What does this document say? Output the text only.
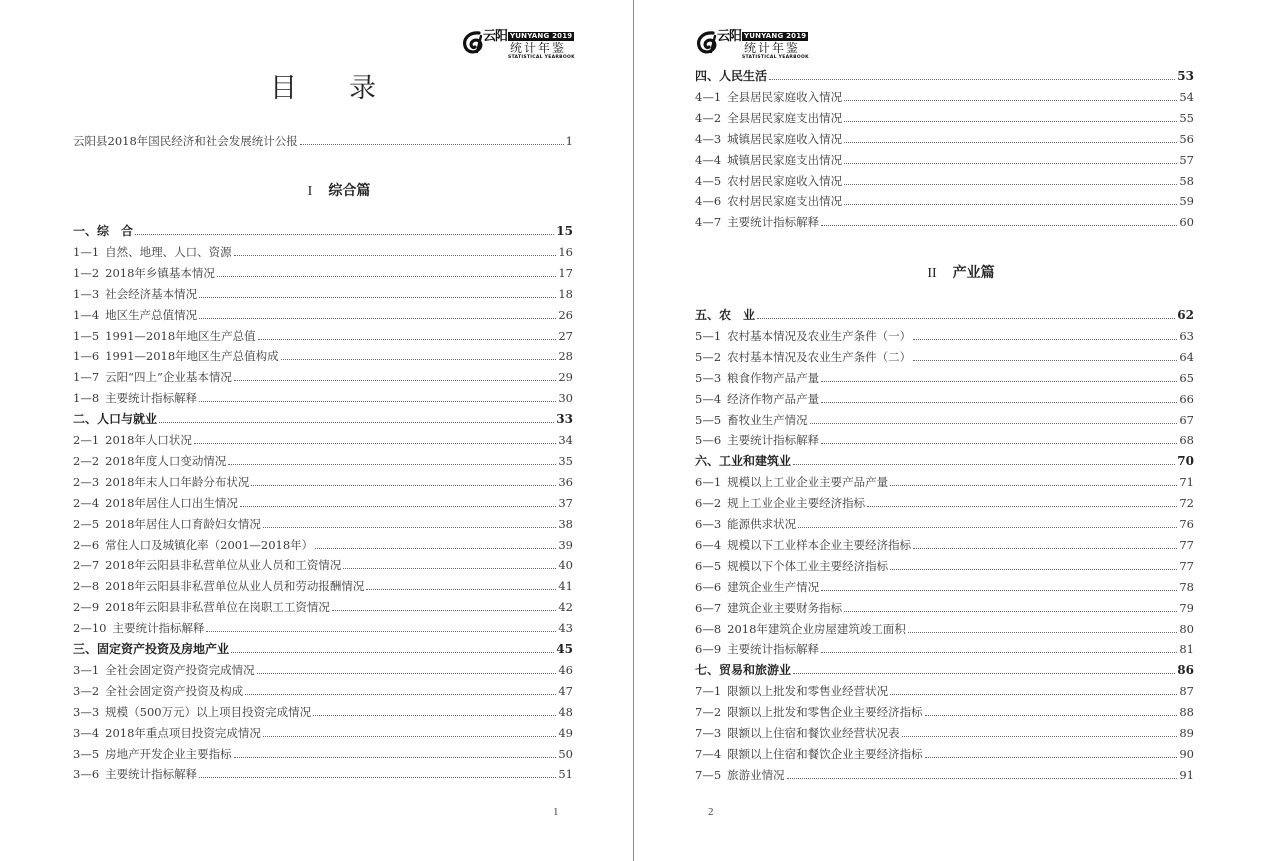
云阳 YUNYANG 2019
统计年鉴
STATISTICAL YEARBOOK
目录
云阳县2018年国民经济和社会发展统计公报	1
I 综合篇
一、综　合	15
1—1 自然、地理、人口、资源	16
1—2 2018年乡镇基本情况	17
1—3 社会经济基本情况	18
1—4 地区生产总值情况	26
1—5 1991—2018年地区生产总值	27
1—6 1991—2018年地区生产总值构成	28
1—7 云阳“四上”企业基本情况	29
1—8 主要统计指标解释	30
二、人口与就业	33
2—1 2018年人口状况	34
2—2 2018年度人口变动情况	35
2—3 2018年末人口年龄分布状况	36
2—4 2018年居住人口出生情况	37
2—5 2018年居住人口育龄妇女情况	38
2—6 常住人口及城镇化率（2001—2018年）	39
2—7 2018年云阳县非私营单位从业人员和工资情况	40
2—8 2018年云阳县非私营单位从业人员和劳动报酬情况	41
2—9 2018年云阳县非私营单位在岗职工工资情况	42
2—10 主要统计指标解释	43
三、固定资产投资及房地产业	45
3—1 全社会固定资产投资完成情况	46
3—2 全社会固定资产投资及构成	47
3—3 规模（500万元）以上项目投资完成情况	48
3—4 2018年重点项目投资完成情况	49
3—5 房地产开发企业主要指标	50
3—6 主要统计指标解释	51
1
云阳 YUNYANG 2019
统计年鉴
STATISTICAL YEARBOOK
四、人民生活	53
4—1 全县居民家庭收入情况	54
4—2 全县居民家庭支出情况	55
4—3 城镇居民家庭收入情况	56
4—4 城镇居民家庭支出情况	57
4—5 农村居民家庭收入情况	58
4—6 农村居民家庭支出情况	59
4—7 主要统计指标解释	60
II 产业篇
五、农　业	62
5—1 农村基本情况及农业生产条件（一）	63
5—2 农村基本情况及农业生产条件（二）	64
5—3 粮食作物产品产量	65
5—4 经济作物产品产量	66
5—5 畜牧业生产情况	67
5—6 主要统计指标解释	68
六、工业和建筑业	70
6—1 规模以上工业企业主要产品产量	71
6—2 规上工业企业主要经济指标	72
6—3 能源供求状况	76
6—4 规模以下工业样本企业主要经济指标	77
6—5 规模以下个体工业主要经济指标	77
6—6 建筑企业生产情况	78
6—7 建筑企业主要财务指标	79
6—8 2018年建筑企业房屋建筑竣工面积	80
6—9 主要统计指标解释	81
七、贸易和旅游业	86
7—1 限额以上批发和零售业经营状况	87
7—2 限额以上批发和零售企业主要经济指标	88
7—3 限额以上住宿和餐饮业经营状况表	89
7—4 限额以上住宿和餐饮企业主要经济指标	90
7—5 旅游业情况	91
2
